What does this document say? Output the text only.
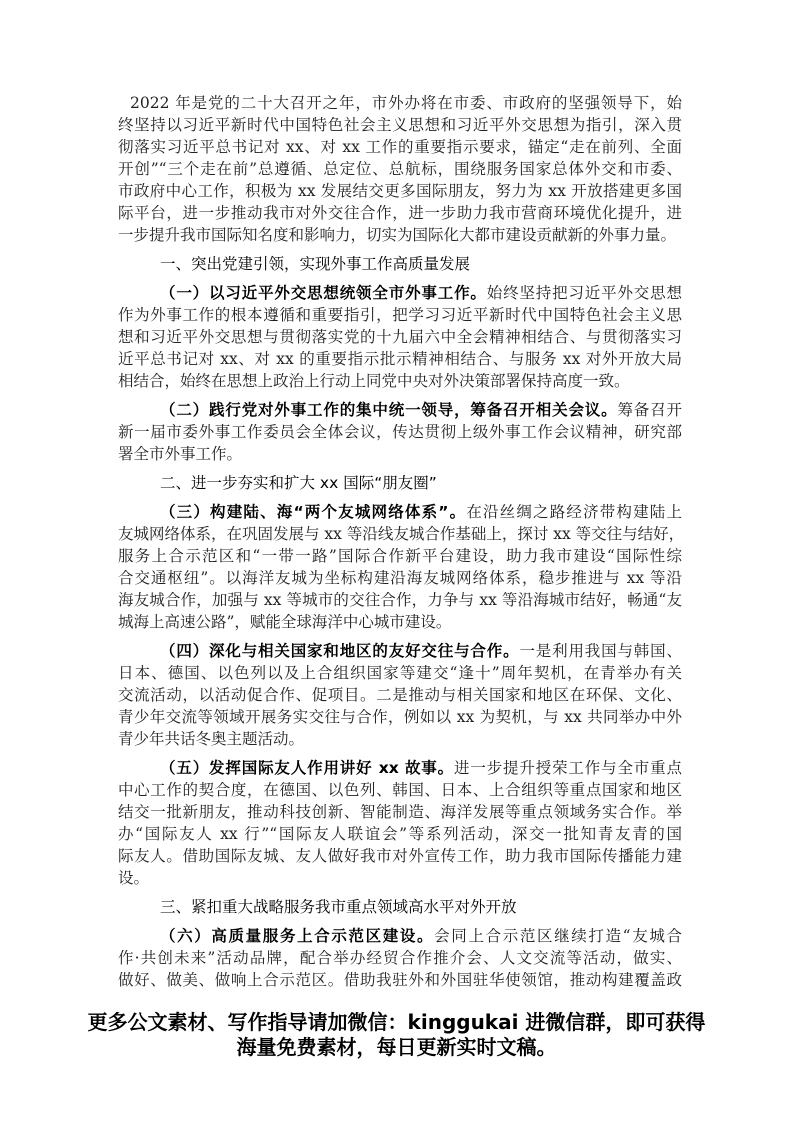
2022 年是党的二十大召开之年，市外办将在市委、市政府的坚强领导下，始
终坚持以习近平新时代中国特色社会主义思想和习近平外交思想为指引，深入贯
彻落实习近平总书记对 xx、对 xx 工作的重要指示要求，锚定“走在前列、全面
开创”“三个走在前”总遵循、总定位、总航标，围绕服务国家总体外交和市委、
市政府中心工作，积极为 xx 发展结交更多国际朋友，努力为 xx 开放搭建更多国
际平台，进一步推动我市对外交往合作，进一步助力我市营商环境优化提升，进
一步提升我市国际知名度和影响力，切实为国际化大都市建设贡献新的外事力量。
一、突出党建引领，实现外事工作高质量发展
（一）以习近平外交思想统领全市外事工作。始终坚持把习近平外交思想
作为外事工作的根本遵循和重要指引，把学习习近平新时代中国特色社会主义思
想和习近平外交思想与贯彻落实党的十九届六中全会精神相结合、与贯彻落实习
近平总书记对 xx、对 xx 的重要指示批示精神相结合、与服务 xx 对外开放大局
相结合，始终在思想上政治上行动上同党中央对外决策部署保持高度一致。
（二）践行党对外事工作的集中统一领导，筹备召开相关会议。筹备召开
新一届市委外事工作委员会全体会议，传达贯彻上级外事工作会议精神，研究部
署全市外事工作。
二、进一步夯实和扩大 xx 国际“朋友圈”
（三）构建陆、海“两个友城网络体系”。在沿丝绸之路经济带构建陆上
友城网络体系，在巩固发展与 xx 等沿线友城合作基础上，探讨 xx 等交往与结好，
服务上合示范区和“一带一路”国际合作新平台建设，助力我市建设“国际性综
合交通枢纽”。以海洋友城为坐标构建沿海友城网络体系，稳步推进与 xx 等沿
海友城合作，加强与 xx 等城市的交往合作，力争与 xx 等沿海城市结好，畅通“友
城海上高速公路”，赋能全球海洋中心城市建设。
（四）深化与相关国家和地区的友好交往与合作。一是利用我国与韩国、
日本、德国、以色列以及上合组织国家等建交“逢十”周年契机，在青举办有关
交流活动，以活动促合作、促项目。二是推动与相关国家和地区在环保、文化、
青少年交流等领域开展务实交往与合作，例如以 xx 为契机，与 xx 共同举办中外
青少年共话冬奥主题活动。
（五）发挥国际友人作用讲好 xx 故事。进一步提升授荣工作与全市重点
中心工作的契合度，在德国、以色列、韩国、日本、上合组织等重点国家和地区
结交一批新朋友，推动科技创新、智能制造、海洋发展等重点领域务实合作。举
办“国际友人 xx 行”“国际友人联谊会”等系列活动，深交一批知青友青的国
际友人。借助国际友城、友人做好我市对外宣传工作，助力我市国际传播能力建
设。
三、紧扣重大战略服务我市重点领域高水平对外开放
（六）高质量服务上合示范区建设。会同上合示范区继续打造“友城合
作·共创未来”活动品牌，配合举办经贸合作推介会、人文交流等活动，做实、
做好、做美、做响上合示范区。借助我驻外和外国驻华使领馆，推动构建覆盖政
更多公文素材、写作指导请加微信：kinggukai 进微信群，即可获得
海量免费素材，每日更新实时文稿。
